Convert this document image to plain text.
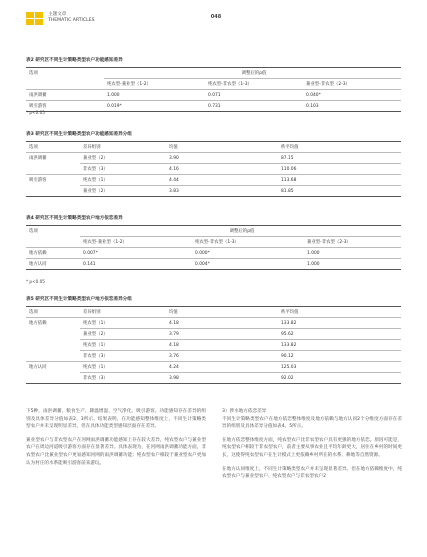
主题文章
THEMATIC ARTICLES
048
表2 研究区不同生计策略类型农户功能感知差异
选项	调整后的p值		
	纯农型-兼业型（1-2）	纯农型-非农型（1-3）	兼业型-非农型（2-3）
雨洪调蓄	1.000	0.071	0.040*
吸引游客	0.019*	0.731	0.103
* p<0.05
表3 研究区不同生计策略类型农户功能感知差异分组
选项	差异组别	均值	秩平均值
雨洪调蓄	兼业型（2）	3.90	87.15
	非农型（3）	4.16	110.06
吸引游客	纯农型（1）	4.44	113.68
	兼业型（2）	3.83	81.85
表4 研究区不同生计策略类型农户地方依恋差异
选项	调整后的p值		
	纯农型-兼业型（1-2）	纯农型-非农型（1-3）	兼业型-非农型（2-3）
地方依赖	0.007*	0.000*	1.000
地方认同	0.141	0.004*	1.000
* p<0.05
表5 研究区不同生计策略类型农户地方依恋差异分组
选项	差异组别	均值	秩平均值
地方依赖	纯农型（1）	4.18	133.82
	兼业型（2）	3.79	95.62
	纯农型（1）	4.18	133.82
	非农型（3）	3.76	90.12
地方认同	纯农型（1）	4.24	125.03
	非农型（3）	3.98	92.02

下5种，雨洪调蓄、粮食生产、降温增湿、空气净化、吸引游客。功能感知存在差异的组别及具体差异分值如表2、3所示。结果表明，在功能感知整体维度上，不同生计策略类型农户并未呈现明显差异，但在具体功能类型感知层面存在差异。

兼业型农户与非农型农户在河网雨洪调蓄功能感知上存在较大差异，纯农型农户与兼业型农户在周边河道吸引游客方面存在显著差异。具体表现为，在河网雨洪调蓄功能方面，非农型农户比兼业型农户更易感知河网的雨洪调蓄功能；纯农型农户相较于兼业型农户更加认为村庄的水系能吸引游客前来游玩。

3）涉水地方依恋差异

不同生计策略类型农户在地方依恋整体维度及地方依赖与地方认同2个分维度方面存在差异的组别及具体差异分值如表4、5所示。

在地方依恋整体维度方面，纯农型农户比非农型农户具有更强的地方依恋。原因可能是，纯农型农户相较于非农型农户，前者主要从事农业且平均年龄更大，居住在乡村的时间更长，这使得纯农型农户在生计模式上更依赖乡村所在的水系、耕地等自然资源。

在地方认同维度上，不同生计策略类型农户并未呈现显著差异。但在地方依赖维度中，纯农型农户与兼业型农户、纯农型农户与非农型农户2
